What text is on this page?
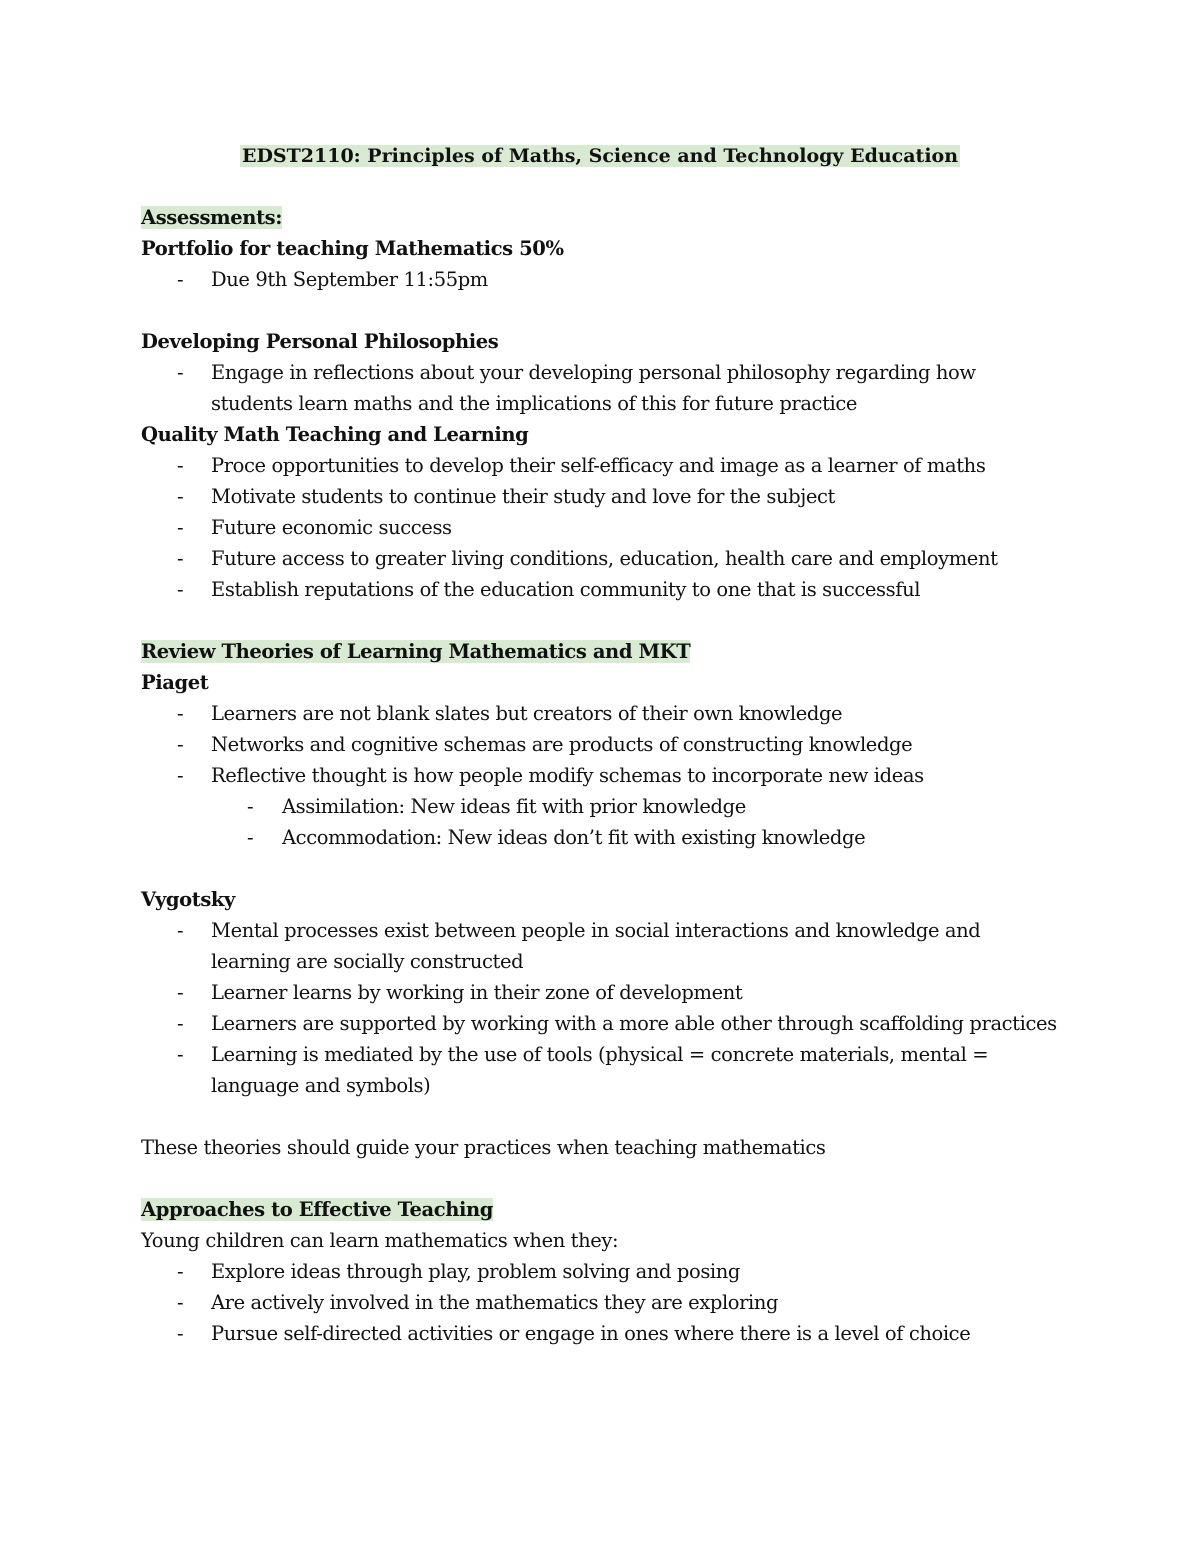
EDST2110: Principles of Maths, Science and Technology Education
Assessments:
Portfolio for teaching Mathematics 50%
- Due 9th September 11:55pm
Developing Personal Philosophies
- Engage in reflections about your developing personal philosophy regarding how students learn maths and the implications of this for future practice
Quality Math Teaching and Learning
- Proce opportunities to develop their self-efficacy and image as a learner of maths
- Motivate students to continue their study and love for the subject
- Future economic success
- Future access to greater living conditions, education, health care and employment
- Establish reputations of the education community to one that is successful
Review Theories of Learning Mathematics and MKT
Piaget
- Learners are not blank slates but creators of their own knowledge
- Networks and cognitive schemas are products of constructing knowledge
- Reflective thought is how people modify schemas to incorporate new ideas
- Assimilation: New ideas fit with prior knowledge
- Accommodation: New ideas don’t fit with existing knowledge
Vygotsky
- Mental processes exist between people in social interactions and knowledge and learning are socially constructed
- Learner learns by working in their zone of development
- Learners are supported by working with a more able other through scaffolding practices
- Learning is mediated by the use of tools (physical = concrete materials, mental = language and symbols)
These theories should guide your practices when teaching mathematics
Approaches to Effective Teaching
Young children can learn mathematics when they:
- Explore ideas through play, problem solving and posing
- Are actively involved in the mathematics they are exploring
- Pursue self-directed activities or engage in ones where there is a level of choice
